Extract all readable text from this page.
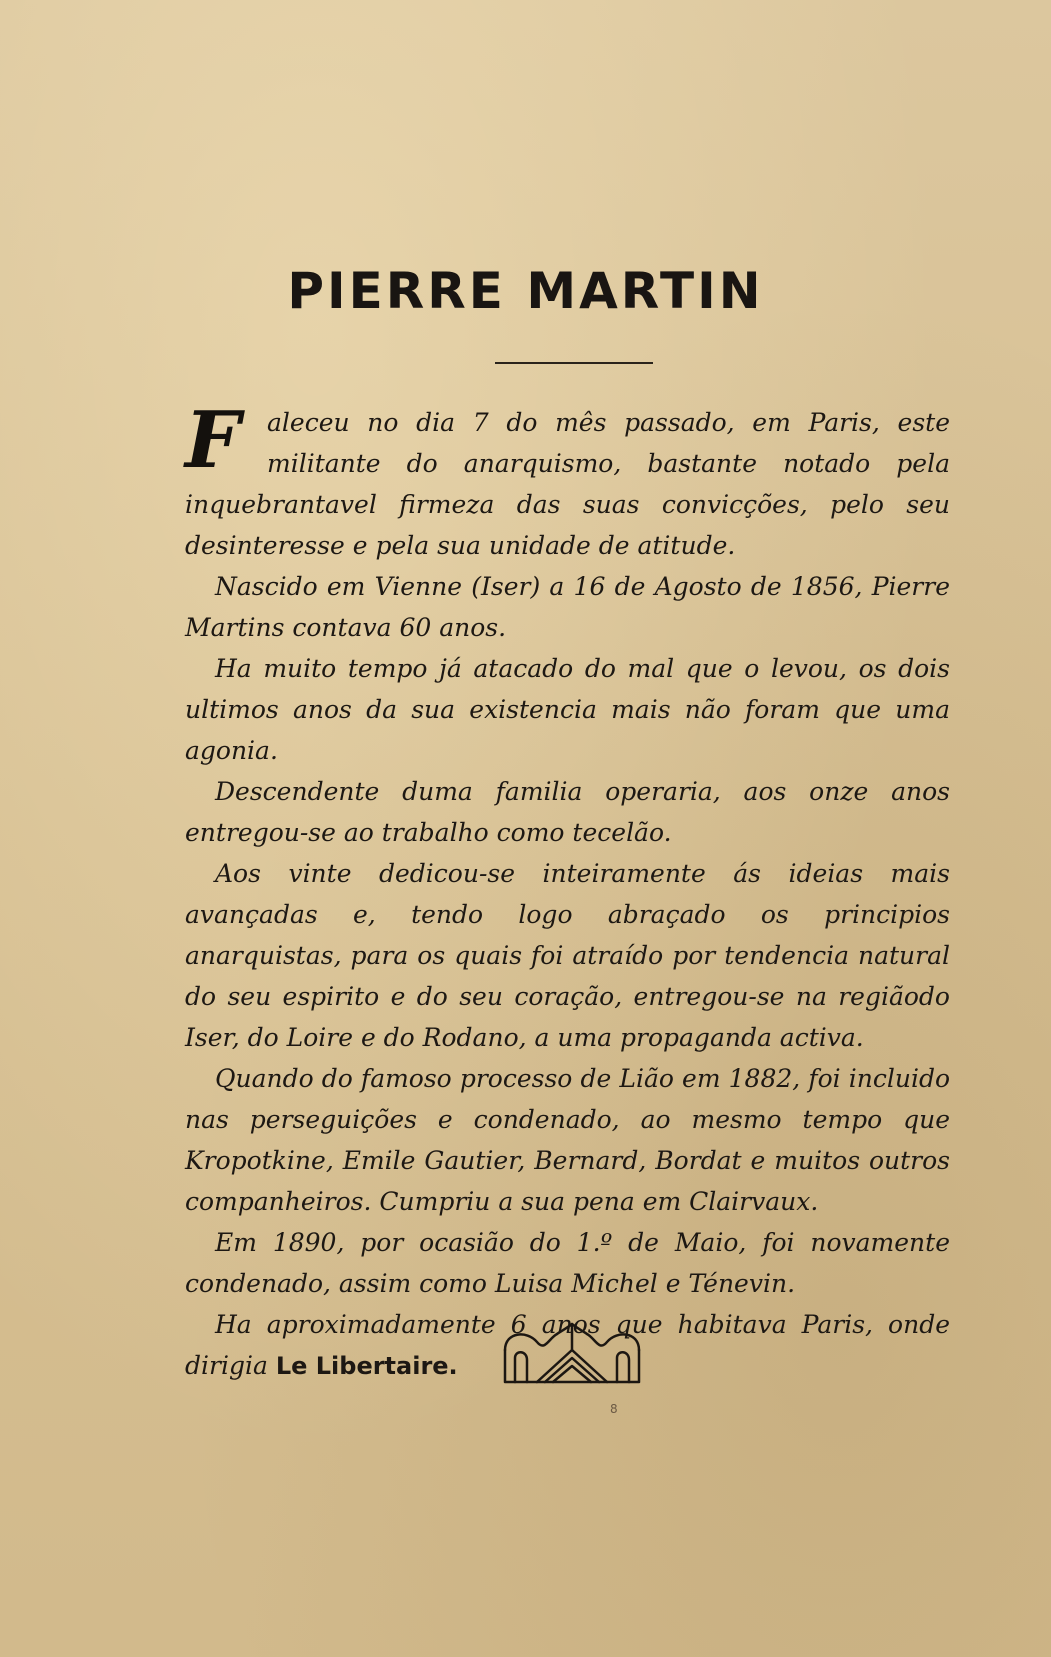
PIERRE MARTIN

F	aleceu no dia 7 do mês passado, em Paris, este militante do anarquismo, bastante notado pela inquebrantavel firmeza das suas convicções, pelo seu desinteresse e pela sua unidade de atitude.

Nascido em Vienne (Iser) a 16 de Agosto de 1856, Pierre Martins contava 60 anos.

Ha muito tempo já atacado do mal que o levou, os dois ultimos anos da sua existencia mais não foram que uma agonia.

Descendente duma familia operaria, aos onze anos entregou-se ao trabalho como tecelão.

Aos vinte dedicou-se inteiramente ás ideias mais avançadas e, tendo logo abraçado os principios anarquistas, para os quais foi atraído por tendencia natural do seu espirito e do seu coração, entregou-se na regiãodo Iser, do Loire e do Rodano, a uma propaganda activa.

Quando do famoso processo de Lião em 1882, foi incluido nas perseguições e condenado, ao mesmo tempo que Kropotkine, Emile Gautier, Bernard, Bordat e muitos outros companheiros. Cumpriu a sua pena em Clairvaux.

Em 1890, por ocasião do 1.º de Maio, foi novamente condenado, assim como Luisa Michel e Ténevin.

Ha aproximadamente 6 anos que habitava Paris, onde dirigia Le Libertaire.

8
